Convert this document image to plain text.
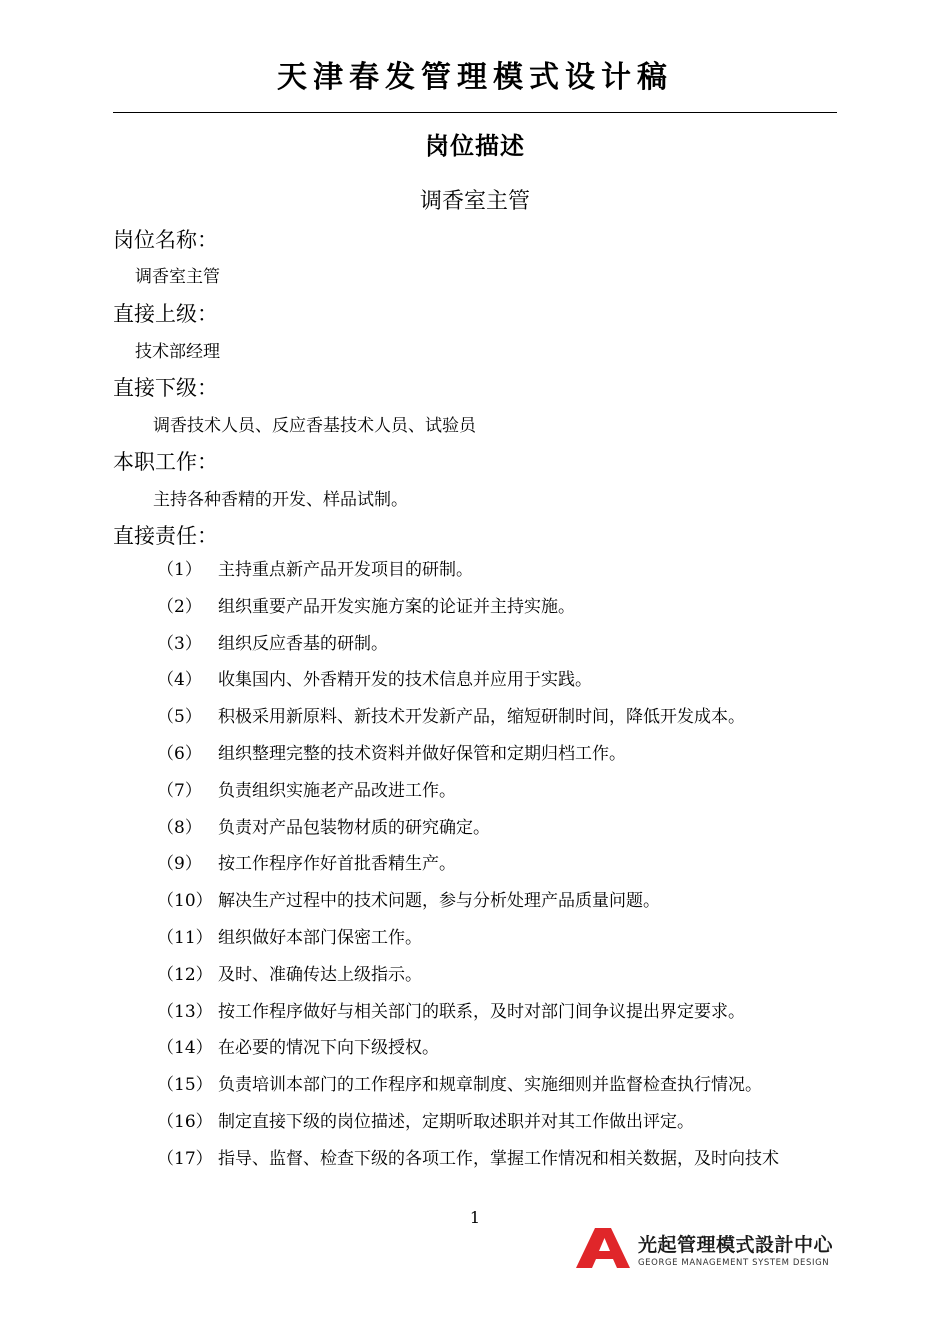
天津春发管理模式设计稿
岗位描述
调香室主管
岗位名称：
调香室主管
直接上级：
技术部经理
直接下级：
调香技术人员、反应香基技术人员、试验员
本职工作：
主持各种香精的开发、样品试制。
直接责任：
（1） 主持重点新产品开发项目的研制。
（2） 组织重要产品开发实施方案的论证并主持实施。
（3） 组织反应香基的研制。
（4） 收集国内、外香精开发的技术信息并应用于实践。
（5） 积极采用新原料、新技术开发新产品，缩短研制时间，降低开发成本。
（6） 组织整理完整的技术资料并做好保管和定期归档工作。
（7） 负责组织实施老产品改进工作。
（8） 负责对产品包装物材质的研究确定。
（9） 按工作程序作好首批香精生产。
（10） 解决生产过程中的技术问题，参与分析处理产品质量问题。
（11） 组织做好本部门保密工作。
（12） 及时、准确传达上级指示。
（13） 按工作程序做好与相关部门的联系，及时对部门间争议提出界定要求。
（14） 在必要的情况下向下级授权。
（15） 负责培训本部门的工作程序和规章制度、实施细则并监督检查执行情况。
（16） 制定直接下级的岗位描述，定期听取述职并对其工作做出评定。
（17） 指导、监督、检查下级的各项工作，掌握工作情况和相关数据，及时向技术
1
光起管理模式設計中心
GEORGE MANAGEMENT SYSTEM DESIGN
